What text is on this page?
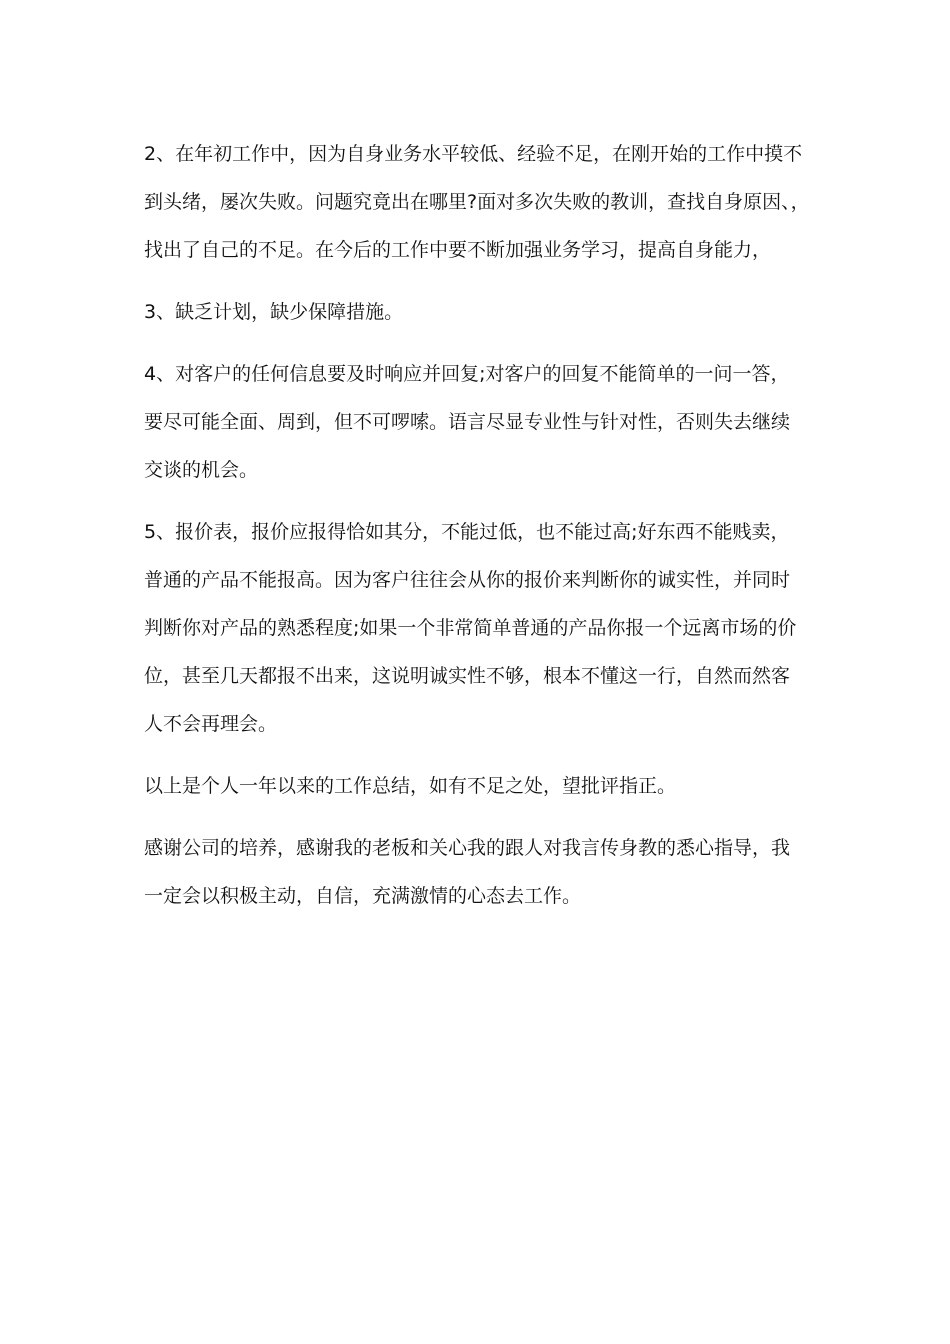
2、在年初工作中，因为自身业务水平较低、经验不足，在刚开始的工作中摸不
到头绪，屡次失败。问题究竟出在哪里?面对多次失败的教训，查找自身原因、，
找出了自己的不足。在今后的工作中要不断加强业务学习，提高自身能力，
3、缺乏计划，缺少保障措施。
4、对客户的任何信息要及时响应并回复;对客户的回复不能简单的一问一答，
要尽可能全面、周到，但不可啰嗦。语言尽显专业性与针对性，否则失去继续
交谈的机会。
5、报价表，报价应报得恰如其分，不能过低，也不能过高;好东西不能贱卖，
普通的产品不能报高。因为客户往往会从你的报价来判断你的诚实性，并同时
判断你对产品的熟悉程度;如果一个非常简单普通的产品你报一个远离市场的价
位，甚至几天都报不出来，这说明诚实性不够，根本不懂这一行，自然而然客
人不会再理会。
以上是个人一年以来的工作总结，如有不足之处，望批评指正。
感谢公司的培养，感谢我的老板和关心我的跟人对我言传身教的悉心指导，我
一定会以积极主动，自信，充满激情的心态去工作。
